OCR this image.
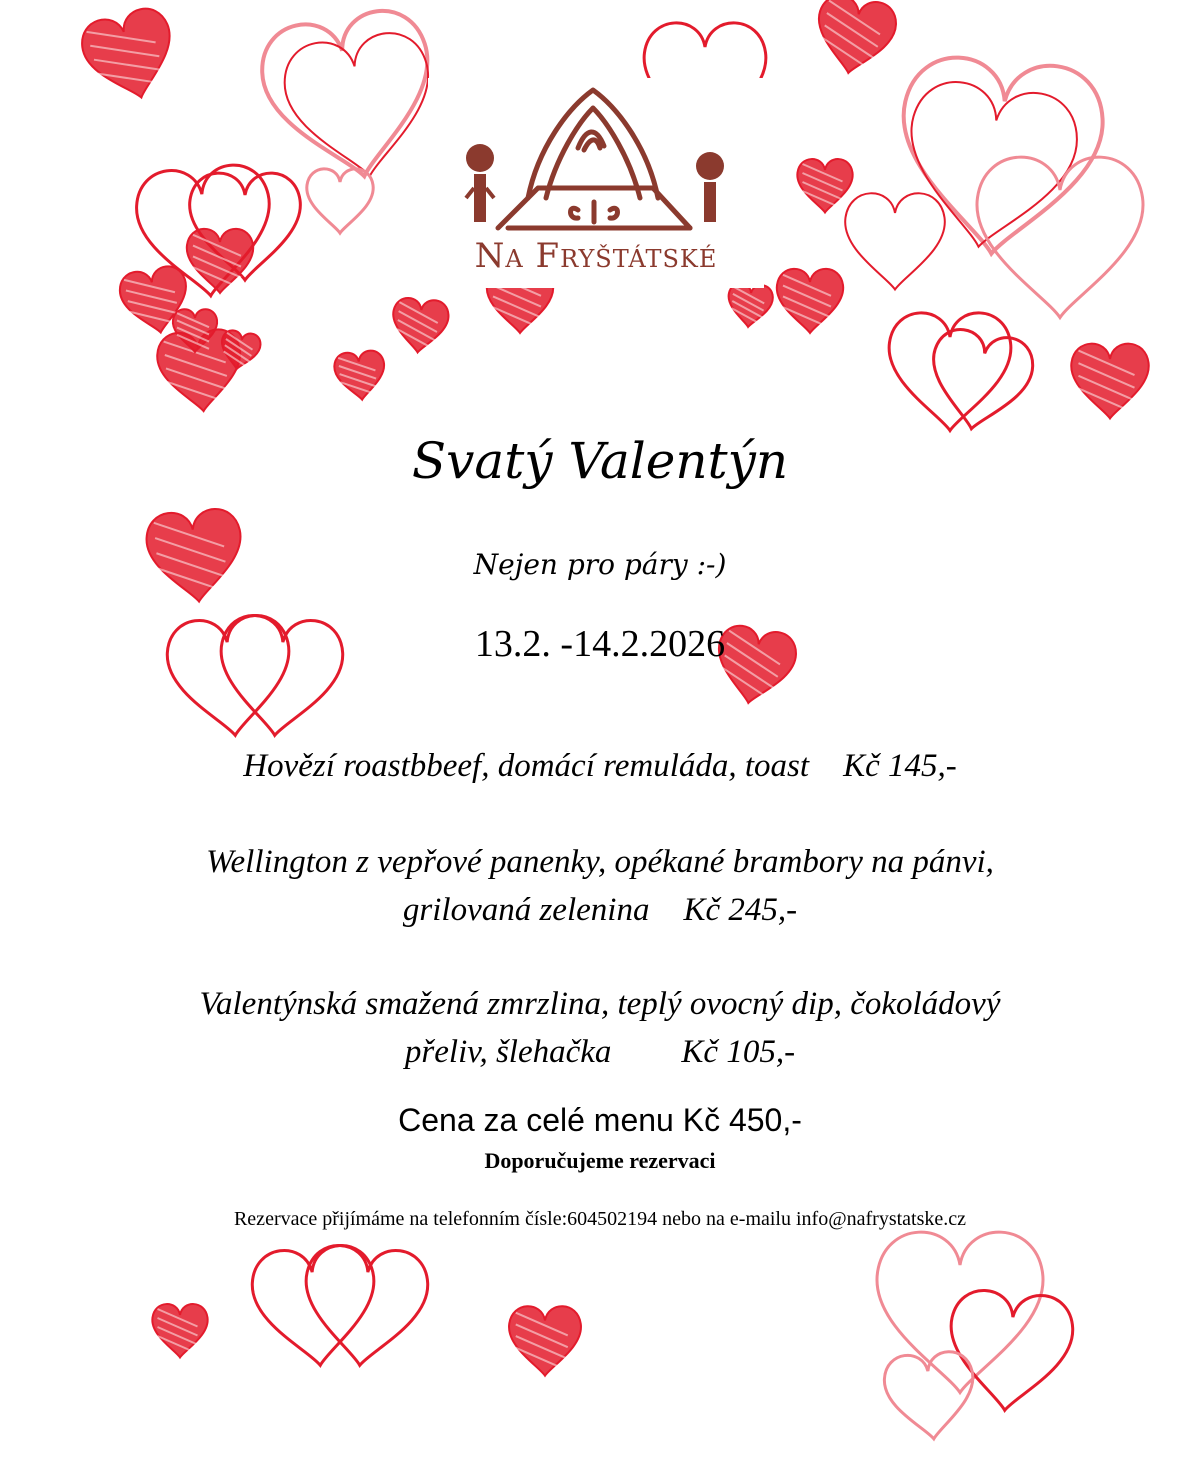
Na Fryštátské
Svatý Valentýn
Nejen pro páry :-)
13.2. -14.2.2026
Hovězí roastbbeef, domácí remuláda, toast Kč 145,-
Wellington z vepřové panenky, opékané brambory na pánvi,
grilovaná zelenina Kč 245,-
Valentýnská smažená zmrzlina, teplý ovocný dip, čokoládový
přeliv, šlehačka Kč 105,-
Cena za celé menu Kč 450,-
Doporučujeme rezervaci
Rezervace přijímáme na telefonním čísle:604502194 nebo na e-mailu info@nafrystatske.cz
